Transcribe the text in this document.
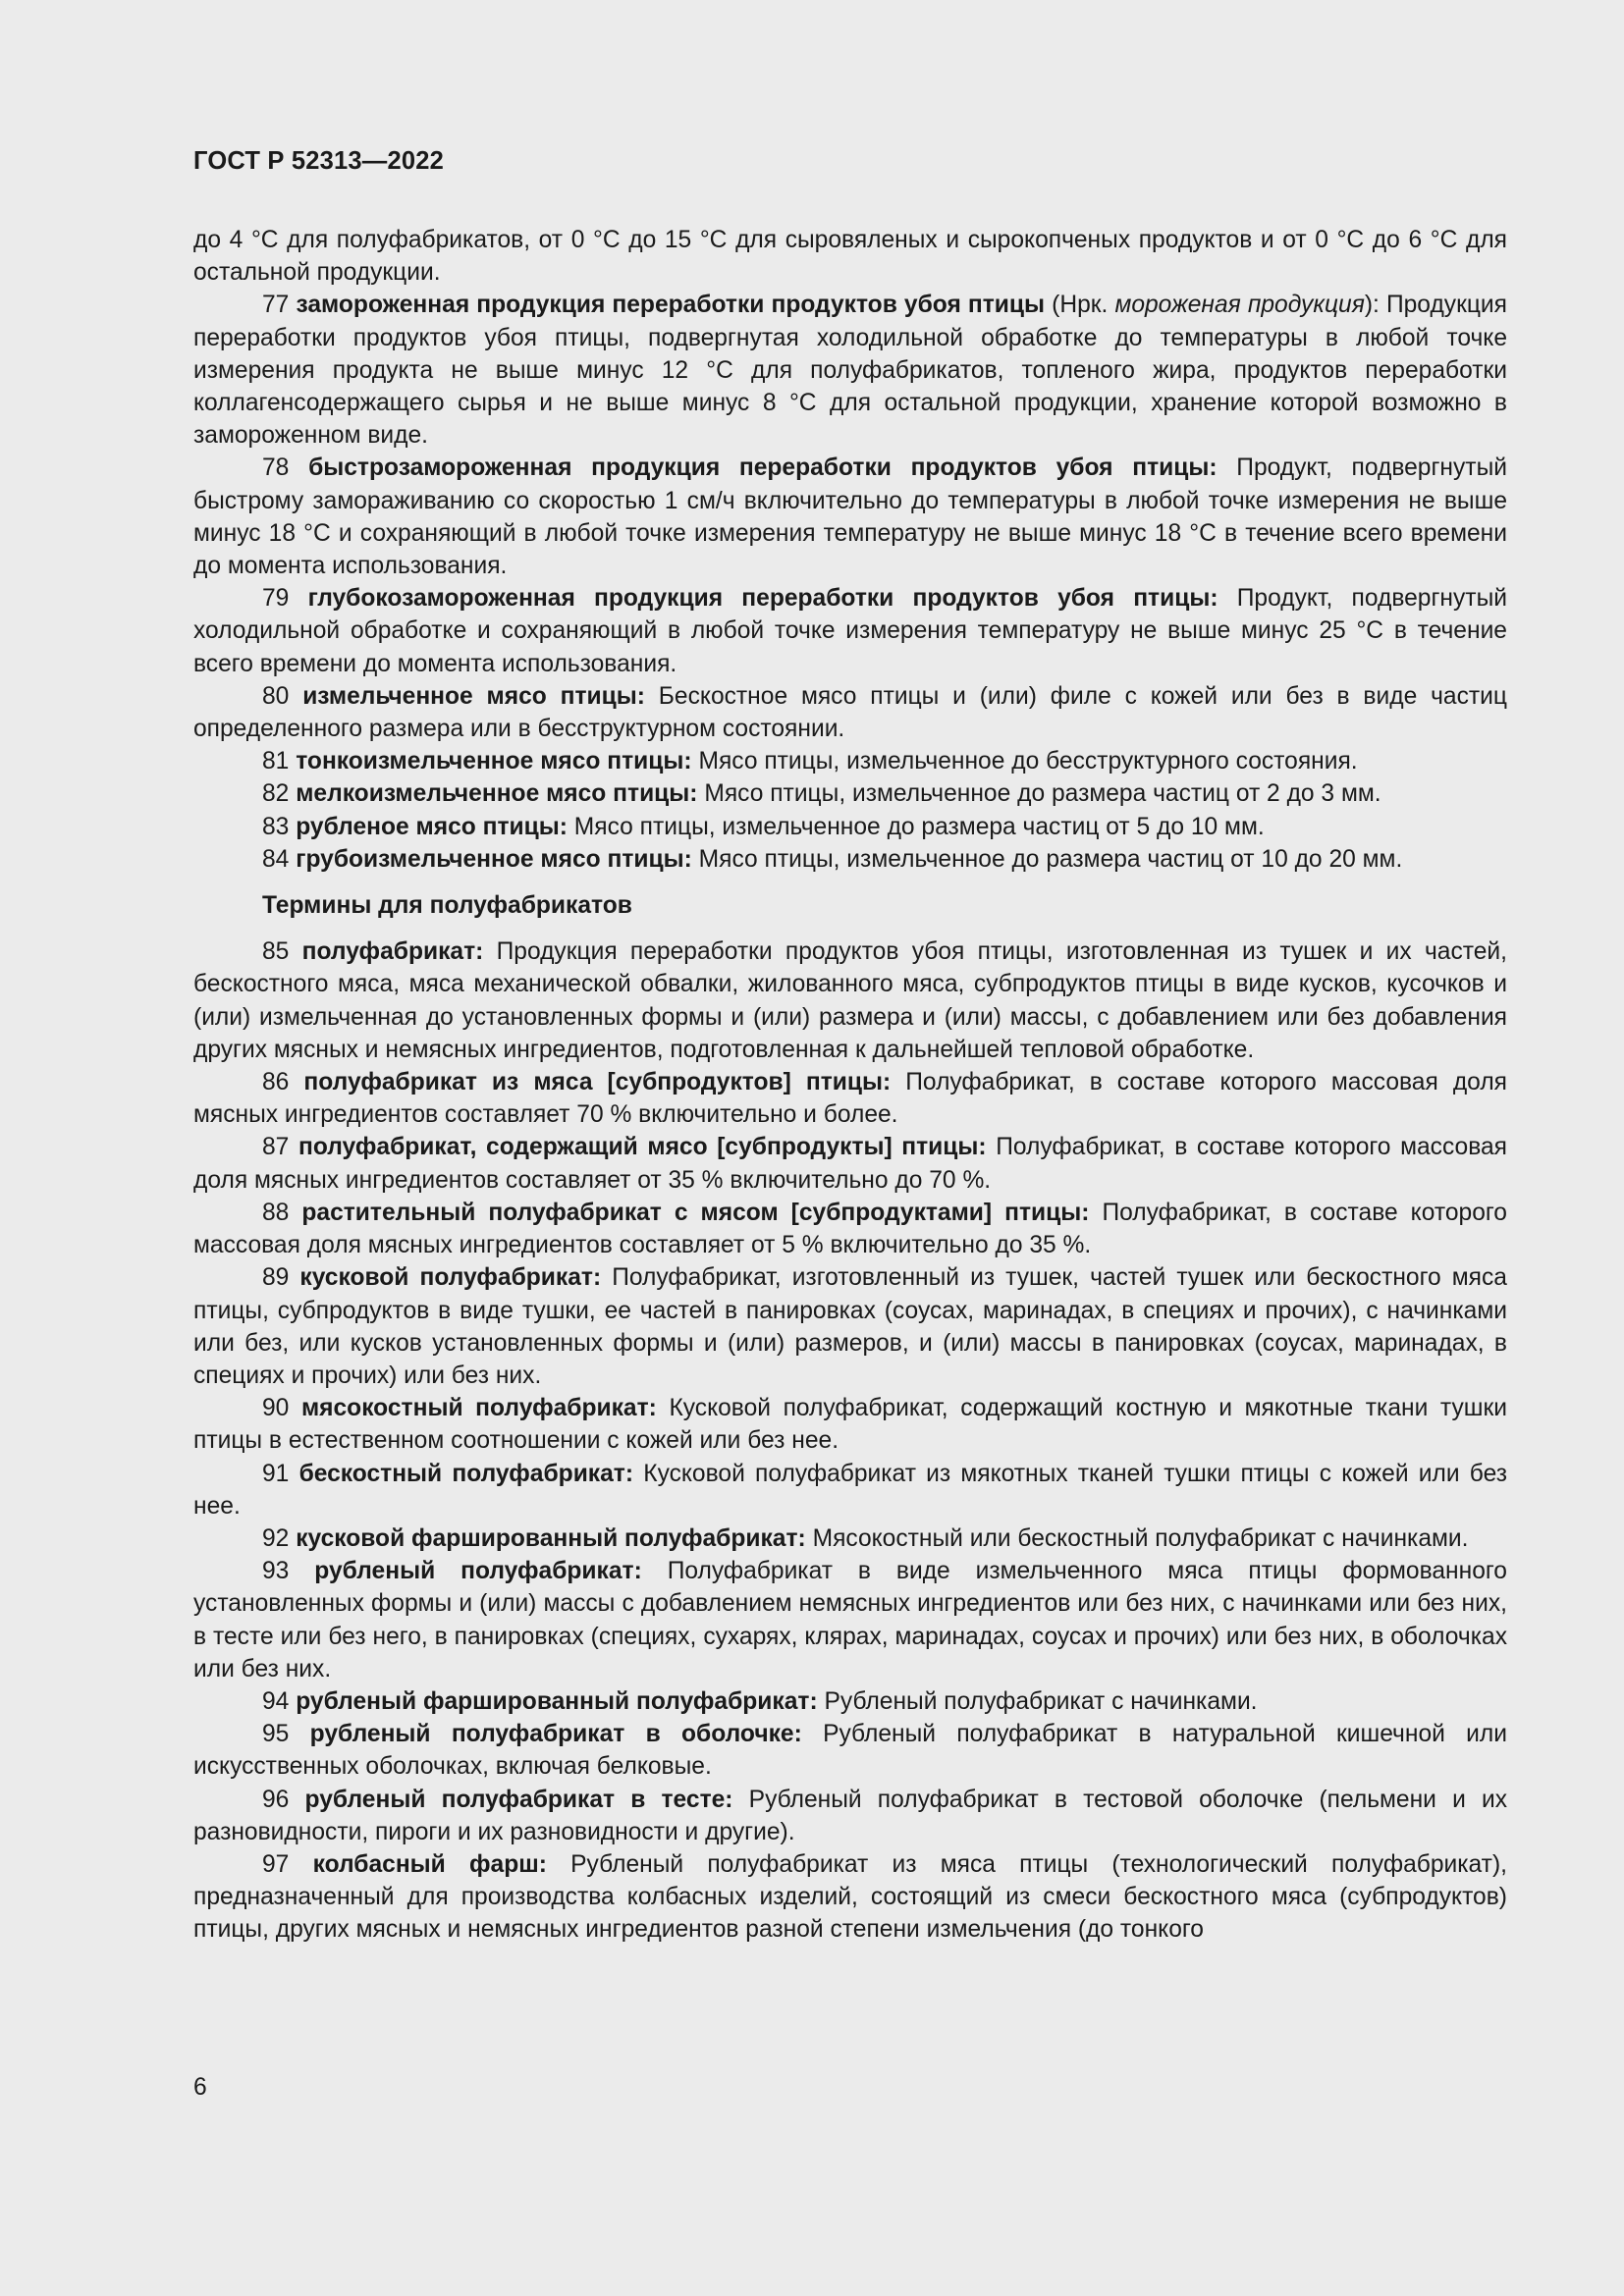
ГОСТ Р 52313—2022

до 4 °С для полуфабрикатов, от 0 °С до 15 °С для сыровяленых и сырокопченых продуктов и от 0 °С до 6 °С для остальной продукции.

77 замороженная продукция переработки продуктов убоя птицы (Нрк. мороженая продукция): Продукция переработки продуктов убоя птицы, подвергнутая холодильной обработке до температуры в любой точке измерения продукта не выше минус 12 °С для полуфабрикатов, топленого жира, продуктов переработки коллагенсодержащего сырья и не выше минус 8 °С для остальной продукции, хранение которой возможно в замороженном виде.

78 быстрозамороженная продукция переработки продуктов убоя птицы: Продукт, подвергнутый быстрому замораживанию со скоростью 1 см/ч включительно до температуры в любой точке измерения не выше минус 18 °С и сохраняющий в любой точке измерения температуру не выше минус 18 °С в течение всего времени до момента использования.

79 глубокозамороженная продукция переработки продуктов убоя птицы: Продукт, подвергнутый холодильной обработке и сохраняющий в любой точке измерения температуру не выше минус 25 °С в течение всего времени до момента использования.

80 измельченное мясо птицы: Бескостное мясо птицы и (или) филе с кожей или без в виде частиц определенного размера или в бесструктурном состоянии.

81 тонкоизмельченное мясо птицы: Мясо птицы, измельченное до бесструктурного состояния.

82 мелкоизмельченное мясо птицы: Мясо птицы, измельченное до размера частиц от 2 до 3 мм.

83 рубленое мясо птицы: Мясо птицы, измельченное до размера частиц от 5 до 10 мм.

84 грубоизмельченное мясо птицы: Мясо птицы, измельченное до размера частиц от 10 до 20 мм.

Термины для полуфабрикатов

85 полуфабрикат: Продукция переработки продуктов убоя птицы, изготовленная из тушек и их частей, бескостного мяса, мяса механической обвалки, жилованного мяса, субпродуктов птицы в виде кусков, кусочков и (или) измельченная до установленных формы и (или) размера и (или) массы, с добавлением или без добавления других мясных и немясных ингредиентов, подготовленная к дальнейшей тепловой обработке.

86 полуфабрикат из мяса [субпродуктов] птицы: Полуфабрикат, в составе которого массовая доля мясных ингредиентов составляет 70 % включительно и более.

87 полуфабрикат, содержащий мясо [субпродукты] птицы: Полуфабрикат, в составе которого массовая доля мясных ингредиентов составляет от 35 % включительно до 70 %.

88 растительный полуфабрикат с мясом [субпродуктами] птицы: Полуфабрикат, в составе которого массовая доля мясных ингредиентов составляет от 5 % включительно до 35 %.

89 кусковой полуфабрикат: Полуфабрикат, изготовленный из тушек, частей тушек или бескостного мяса птицы, субпродуктов в виде тушки, ее частей в панировках (соусах, маринадах, в специях и прочих), с начинками или без, или кусков установленных формы и (или) размеров, и (или) массы в панировках (соусах, маринадах, в специях и прочих) или без них.

90 мясокостный полуфабрикат: Кусковой полуфабрикат, содержащий костную и мякотные ткани тушки птицы в естественном соотношении с кожей или без нее.

91 бескостный полуфабрикат: Кусковой полуфабрикат из мякотных тканей тушки птицы с кожей или без нее.

92 кусковой фаршированный полуфабрикат: Мясокостный или бескостный полуфабрикат с начинками.

93 рубленый полуфабрикат: Полуфабрикат в виде измельченного мяса птицы формованного установленных формы и (или) массы с добавлением немясных ингредиентов или без них, с начинками или без них, в тесте или без него, в панировках (специях, сухарях, клярах, маринадах, соусах и прочих) или без них, в оболочках или без них.

94 рубленый фаршированный полуфабрикат: Рубленый полуфабрикат с начинками.

95 рубленый полуфабрикат в оболочке: Рубленый полуфабрикат в натуральной кишечной или искусственных оболочках, включая белковые.

96 рубленый полуфабрикат в тесте: Рубленый полуфабрикат в тестовой оболочке (пельмени и их разновидности, пироги и их разновидности и другие).

97 колбасный фарш: Рубленый полуфабрикат из мяса птицы (технологический полуфабрикат), предназначенный для производства колбасных изделий, состоящий из смеси бескостного мяса (субпродуктов) птицы, других мясных и немясных ингредиентов разной степени измельчения (до тонкого

6
